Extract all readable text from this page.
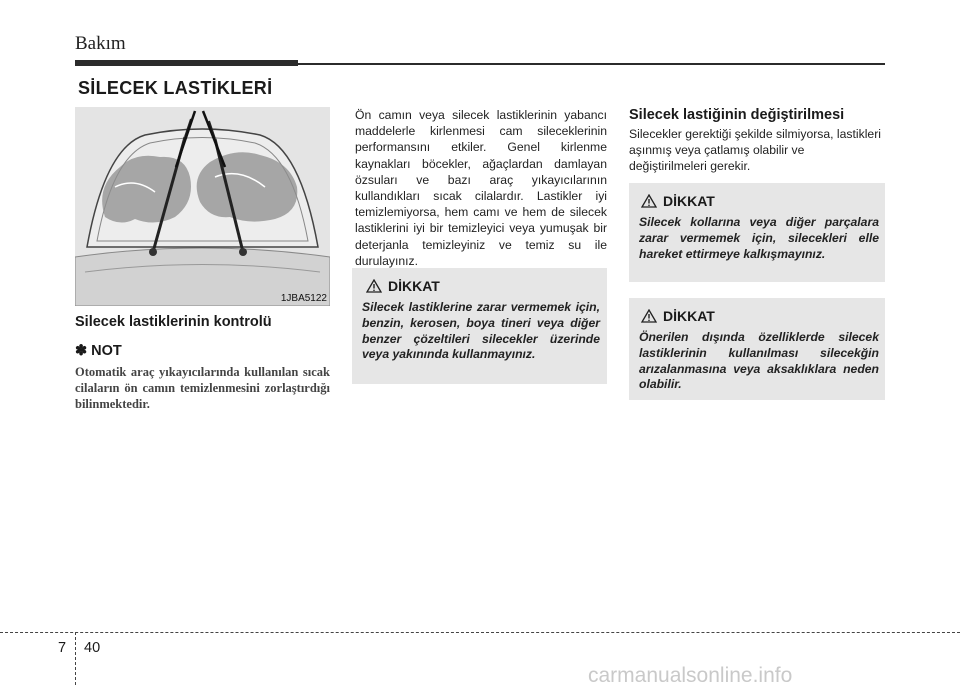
Bakım
SİLECEK LASTİKLERİ
1JBA5122
Silecek lastiklerinin kontrolü
✽ NOT
Otomatik araç yıkayıcılarında kullanılan sıcak cilaların ön camın temizlenmesini zorlaştırdığı bilinmektedir.
Ön camın veya silecek lastiklerinin yabancı maddelerle kirlenmesi cam sileceklerinin performansını etkiler. Genel kirlenme kaynakları böcekler, ağaçlardan damlayan özsuları ve bazı araç yıkayıcılarının kullandıkları sıcak cilalardır. Lastikler iyi temizlemiyorsa, hem camı ve hem de silecek lastiklerini iyi bir temizleyici veya yumuşak bir deterjanla temizleyiniz ve temiz su ile durulayınız.
DİKKAT
Silecek lastiklerine zarar vermemek için, benzin, kerosen, boya tineri veya diğer benzer çözeltileri silecekler üzerinde veya yakınında kullanmayınız.
Silecek lastiğinin değiştirilmesi
Silecekler gerektiği şekilde silmiyorsa, lastikleri aşınmış veya çatlamış olabilir ve değiştirilmeleri gerekir.
DİKKAT
Silecek kollarına veya diğer parçalara zarar vermemek için, silecekleri elle hareket ettirmeye kalkışmayınız.
DİKKAT
Önerilen dışında özelliklerde silecek lastiklerinin kullanılması silecekğin arızalanmasına veya aksaklıklara neden olabilir.
7 40
carmanualsonline.info
